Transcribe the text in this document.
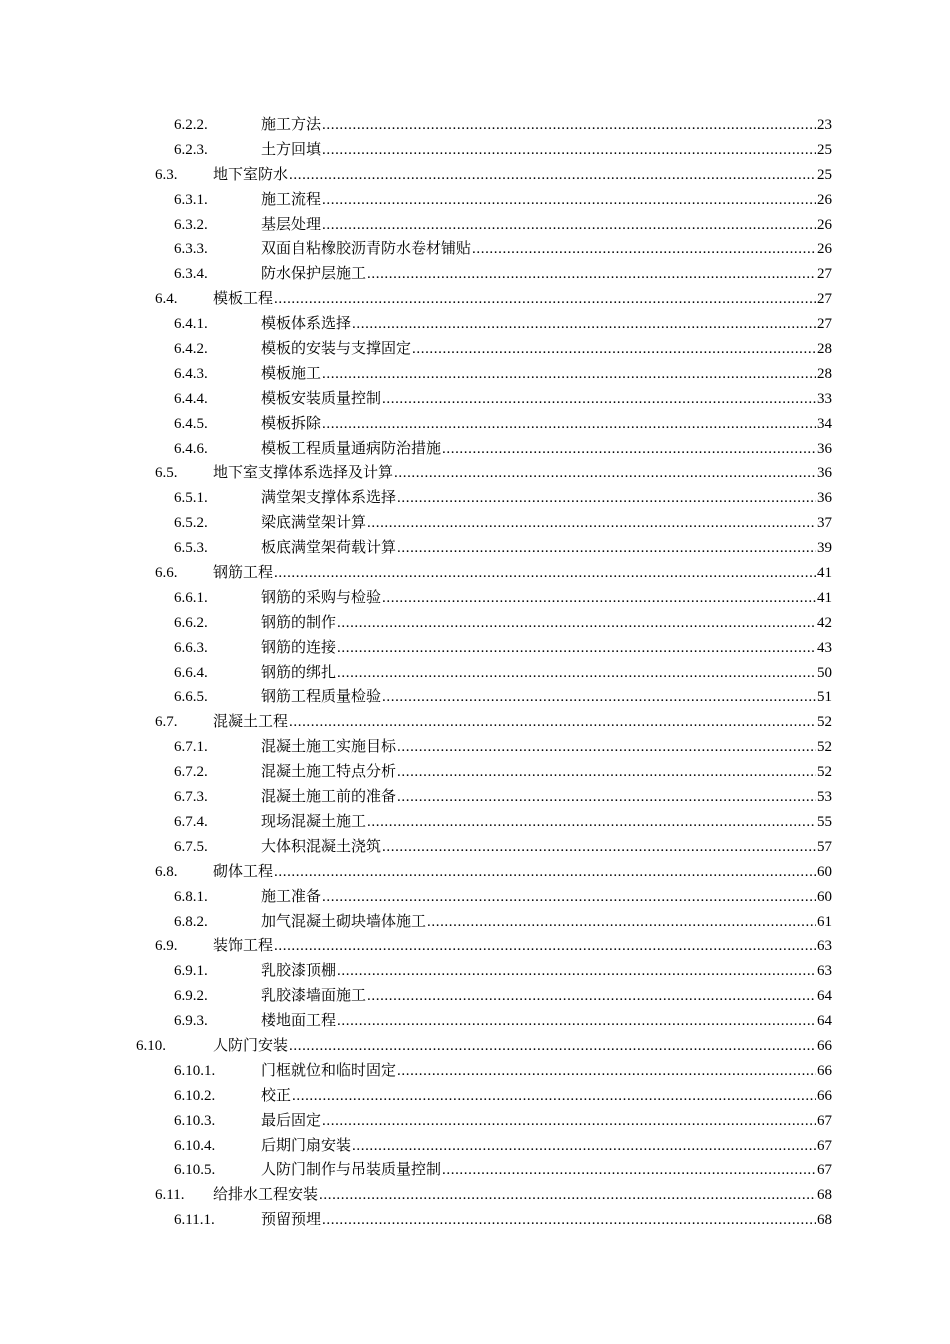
6.2.2.	施工方法 .....	23
6.2.3.	土方回填 .....	25
6.3. 地下室防水 .....	25
6.3.1.	施工流程 .....	26
6.3.2.	基层处理 .....	26
6.3.3.	双面自粘橡胶沥青防水卷材铺贴 .....	26
6.3.4.	防水保护层施工 .....	27
6.4. 模板工程 .....	27
6.4.1.	模板体系选择 .....	27
6.4.2.	模板的安装与支撑固定 .....	28
6.4.3.	模板施工 .....	28
6.4.4.	模板安装质量控制 .....	33
6.4.5.	模板拆除 .....	34
6.4.6.	模板工程质量通病防治措施 .....	36
6.5. 地下室支撑体系选择及计算 .....	36
6.5.1.	满堂架支撑体系选择 .....	36
6.5.2.	梁底满堂架计算 .....	37
6.5.3.	板底满堂架荷载计算 .....	39
6.6. 钢筋工程 .....	41
6.6.1.	钢筋的采购与检验 .....	41
6.6.2.	钢筋的制作 .....	42
6.6.3.	钢筋的连接 .....	43
6.6.4.	钢筋的绑扎 .....	50
6.6.5.	钢筋工程质量检验 .....	51
6.7. 混凝土工程 .....	52
6.7.1.	混凝土施工实施目标 .....	52
6.7.2.	混凝土施工特点分析 .....	52
6.7.3.	混凝土施工前的准备 .....	53
6.7.4.	现场混凝土施工 .....	55
6.7.5.	大体积混凝土浇筑 .....	57
6.8. 砌体工程 .....	60
6.8.1.	施工准备 .....	60
6.8.2.	加气混凝土砌块墙体施工 .....	61
6.9. 装饰工程 .....	63
6.9.1.	乳胶漆顶棚 .....	63
6.9.2.	乳胶漆墙面施工 .....	64
6.9.3.	楼地面工程 .....	64
6.10.	人防门安装 .....	66
6.10.1.	门框就位和临时固定 .....	66
6.10.2.	校正 .....	66
6.10.3.	最后固定 .....	67
6.10.4.	后期门扇安装 .....	67
6.10.5.	人防门制作与吊装质量控制 .....	67
6.11. 给排水工程安装 .....	68
6.11.1.	预留预埋 .....	68
